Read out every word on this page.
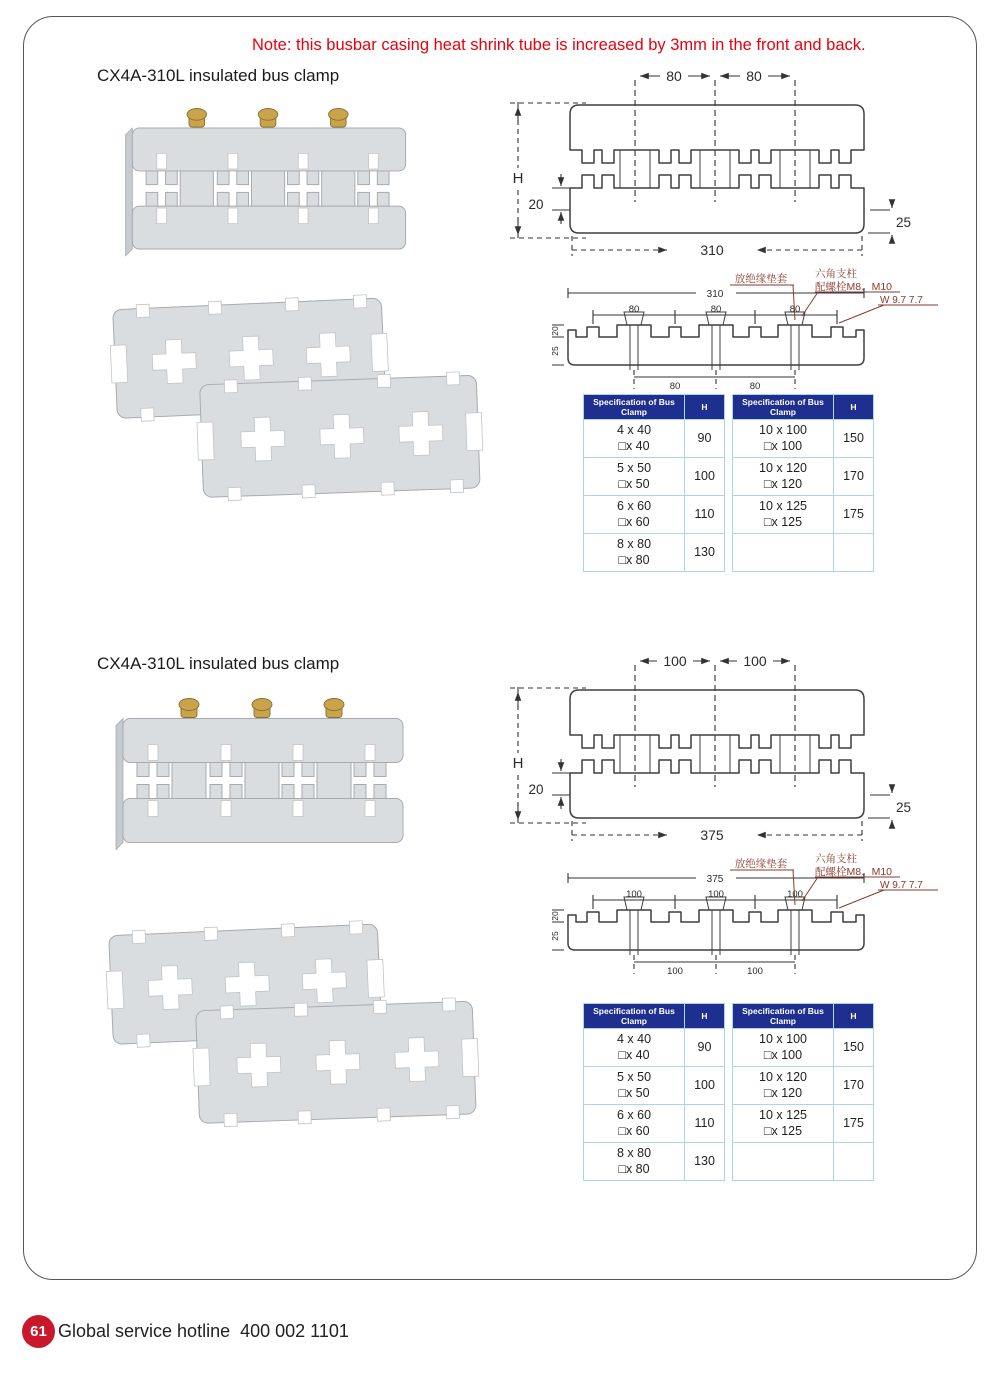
Note: this busbar casing heat shrink tube is increased by 3mm in the front and back.
CX4A-310L insulated bus clamp	80	80
H
20
25
310
310
80	80	80
80	80
20
25
放绝缘垫套	六角支柱
配螺栓M8、M10
W 9.7 7.7
Specification of Bus Clamp	H

4 x 40
□x 40	90

5 x 50
□x 50	100

6 x 60
□x 60	110

8 x 80
□x 80	130
Specification of Bus Clamp	H

10 x 100
□x 100	150

10 x 120
□x 120	170

10 x 125
□x 125	175

CX4A-310L insulated bus clamp	100	100
H
20
25
375
375
100	100	100
100	100
20
25
放绝缘垫套	六角支柱
配螺栓M8、M10
W 9.7 7.7
Specification of Bus Clamp	H

4 x 40
□x 40	90

5 x 50
□x 50	100

6 x 60
□x 60	110

8 x 80
□x 80	130
Specification of Bus Clamp	H

10 x 100
□x 100	150

10 x 120
□x 120	170

10 x 125
□x 125	175

61 Global service hotline  400 002 1101
